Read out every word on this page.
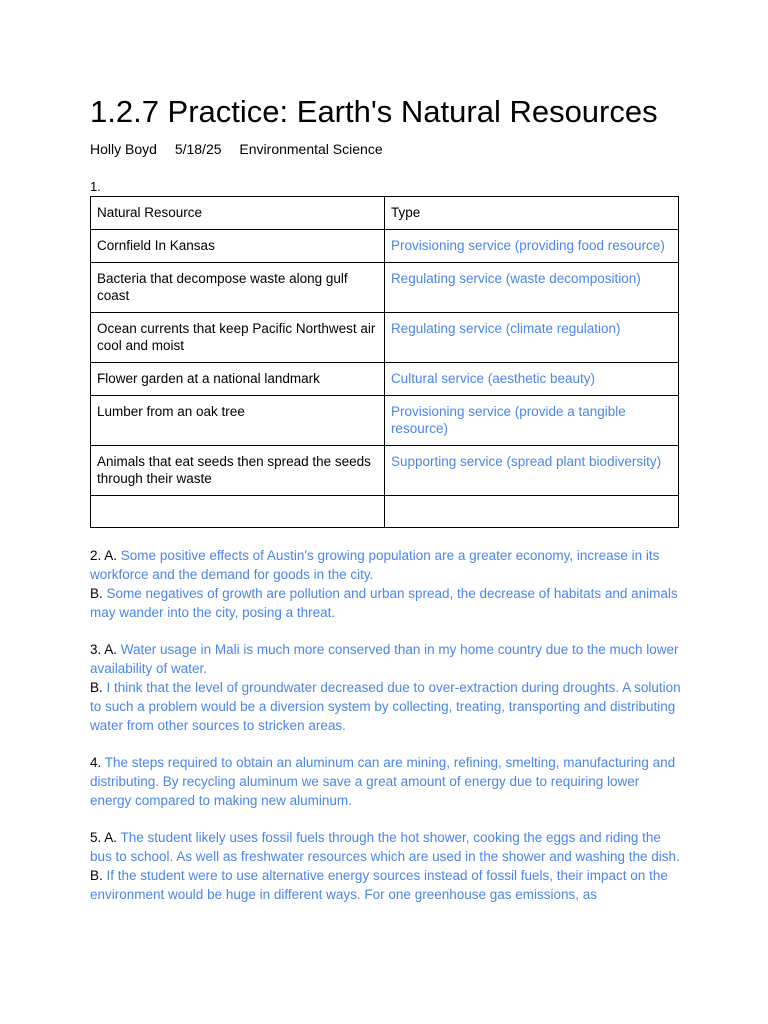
1.2.7 Practice: Earth's Natural Resources
Holly Boyd 5/18/25 Environmental Science
1.
Natural Resource	Type
Cornfield In Kansas	Provisioning service (providing food resource)
Bacteria that decompose waste along gulf coast	Regulating service (waste decomposition)
Ocean currents that keep Pacific Northwest air cool and moist	Regulating service (climate regulation)
Flower garden at a national landmark	Cultural service (aesthetic beauty)
Lumber from an oak tree	Provisioning service (provide a tangible resource)
Animals that eat seeds then spread the seeds through their waste	Supporting service (spread plant biodiversity)

2. A. Some positive effects of Austin's growing population are a greater economy, increase in its workforce and the demand for goods in the city.

B. Some negatives of growth are pollution and urban spread, the decrease of habitats and animals may wander into the city, posing a threat.

3. A. Water usage in Mali is much more conserved than in my home country due to the much lower availability of water.

B. I think that the level of groundwater decreased due to over-extraction during droughts. A solution to such a problem would be a diversion system by collecting, treating, transporting and distributing water from other sources to stricken areas.

4. The steps required to obtain an aluminum can are mining, refining, smelting, manufacturing and distributing. By recycling aluminum we save a great amount of energy due to requiring lower energy compared to making new aluminum.

5. A. The student likely uses fossil fuels through the hot shower, cooking the eggs and riding the bus to school. As well as freshwater resources which are used in the shower and washing the dish.

B. If the student were to use alternative energy sources instead of fossil fuels, their impact on the environment would be huge in different ways. For one greenhouse gas emissions, as
